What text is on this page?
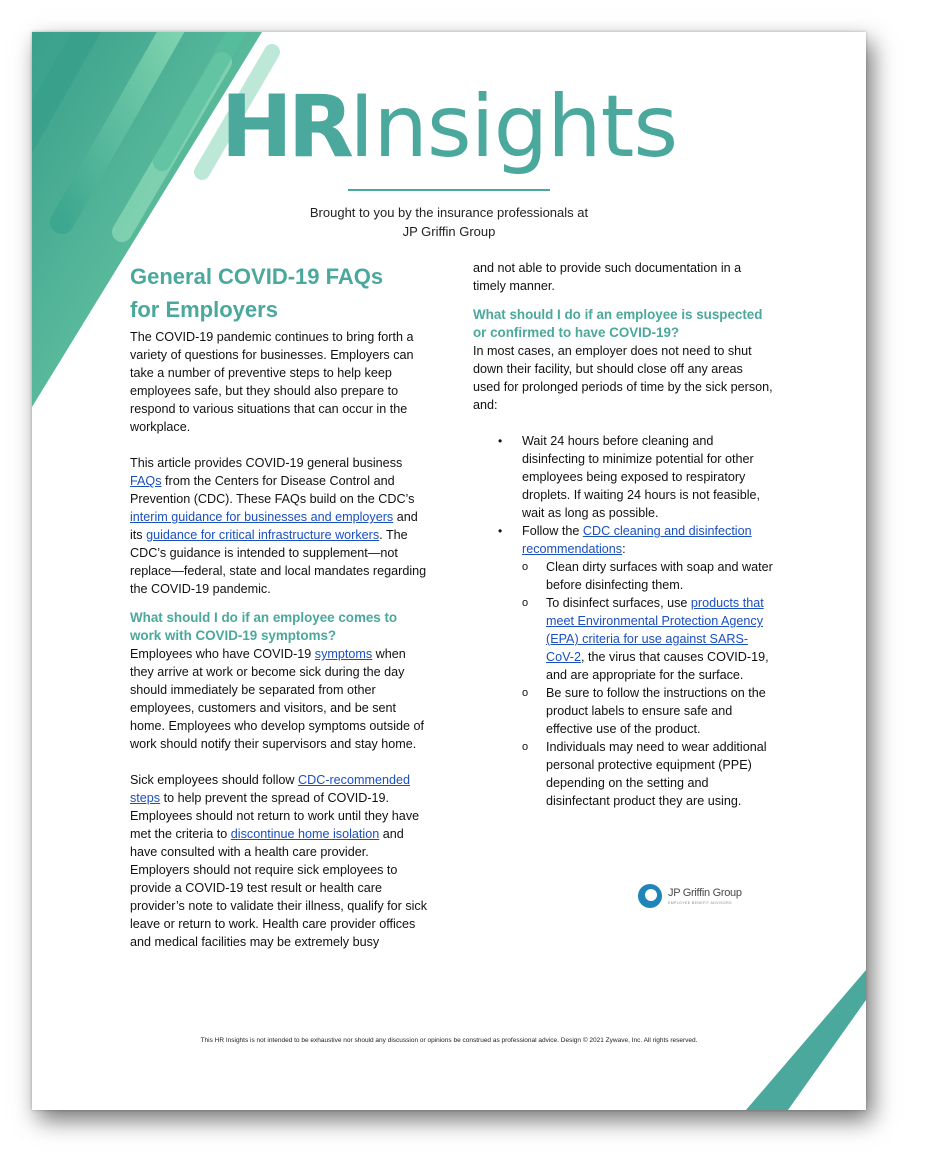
HRInsights
Brought to you by the insurance professionals at
JP Griffin Group
General COVID-19 FAQs
for Employers

The COVID-19 pandemic continues to bring forth a variety of questions for businesses. Employers can take a number of preventive steps to help keep employees safe, but they should also prepare to respond to various situations that can occur in the workplace.

This article provides COVID-19 general business FAQs from the Centers for Disease Control and Prevention (CDC). These FAQs build on the CDC’s interim guidance for businesses and employers and its guidance for critical infrastructure workers. The CDC’s guidance is intended to supplement—not replace—federal, state and local mandates regarding the COVID-19 pandemic.

What should I do if an employee comes to work with COVID-19 symptoms?

Employees who have COVID-19 symptoms when they arrive at work or become sick during the day should immediately be separated from other employees, customers and visitors, and be sent home. Employees who develop symptoms outside of work should notify their supervisors and stay home.

Sick employees should follow CDC-recommended steps to help prevent the spread of COVID-19. Employees should not return to work until they have met the criteria to discontinue home isolation and have consulted with a health care provider. Employers should not require sick employees to provide a COVID-19 test result or health care provider’s note to validate their illness, qualify for sick leave or return to work. Health care provider offices and medical facilities may be extremely busy

and not able to provide such documentation in a timely manner.

What should I do if an employee is suspected or confirmed to have COVID-19?

In most cases, an employer does not need to shut down their facility, but should close off any areas used for prolonged periods of time by the sick person, and:

• Wait 24 hours before cleaning and disinfecting to minimize potential for other employees being exposed to respiratory droplets. If waiting 24 hours is not feasible, wait as long as possible.
• Follow the CDC cleaning and disinfection recommendations:
o Clean dirty surfaces with soap and water before disinfecting them.
o To disinfect surfaces, use products that meet Environmental Protection Agency (EPA) criteria for use against SARS-CoV-2, the virus that causes COVID-19, and are appropriate for the surface.
o Be sure to follow the instructions on the product labels to ensure safe and effective use of the product.
o Individuals may need to wear additional personal protective equipment (PPE) depending on the setting and disinfectant product they are using.
JP Griffin Group
EMPLOYEE BENEFIT ADVISORS
This HR Insights is not intended to be exhaustive nor should any discussion or opinions be construed as professional advice. Design © 2021 Zywave, Inc. All rights reserved.
